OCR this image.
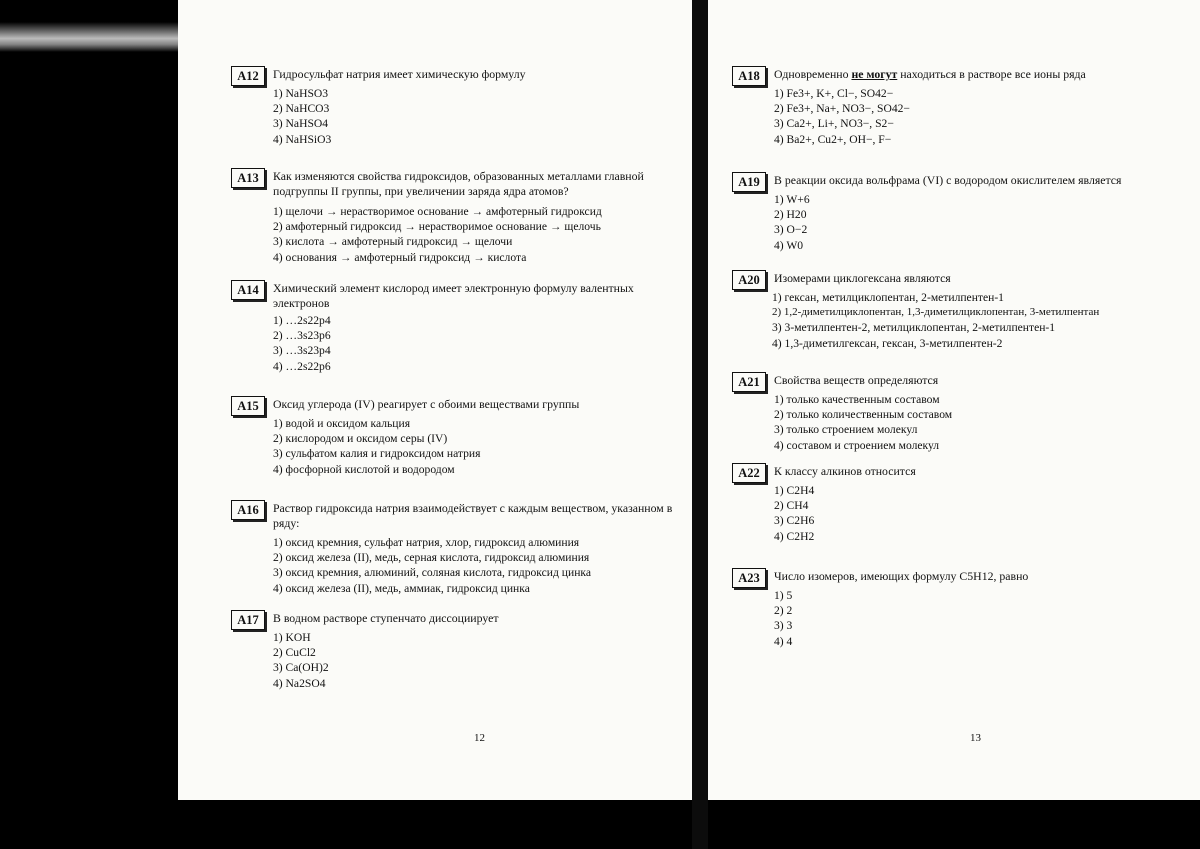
A12	Гидросульфат натрия имеет химическую формулу
1) NaHSO3
2) NaHCO3
3) NaHSO4
4) NaHSiO3
A13	Как изменяются свойства гидроксидов, образованных металлами главной подгруппы II группы, при увеличении заряда ядра атомов?
1) щелочи → нерастворимое основание → амфотерный гидроксид
2) амфотерный гидроксид → нерастворимое основание → щелочь
3) кислота → амфотерный гидроксид → щелочи
4) основания → амфотерный гидроксид → кислота
A14	Химический элемент кислород имеет электронную формулу валентных электронов
1) …2s22p4
2) …3s23p6
3) …3s23p4
4) …2s22p6
A15	Оксид углерода (IV) реагирует с обоими веществами группы
1) водой и оксидом кальция
2) кислородом и оксидом серы (IV)
3) сульфатом калия и гидроксидом натрия
4) фосфорной кислотой и водородом
A16	Раствор гидроксида натрия взаимодействует с каждым веществом, указанном в ряду:
1) оксид кремния, сульфат натрия, хлор, гидроксид алюминия
2) оксид железа (II), медь, серная кислота, гидроксид алюминия
3) оксид кремния, алюминий, соляная кислота, гидроксид цинка
4) оксид железа (II), медь, аммиак, гидроксид цинка
A17	В водном растворе ступенчато диссоциирует
1) KOH
2) CuCl2
3) Ca(OH)2
4) Na2SO4
12
A18	Одновременно не могут находиться в растворе все ионы ряда
1) Fe3+, K+, Cl−, SO42−
2) Fe3+, Na+, NO3−, SO42−
3) Ca2+, Li+, NO3−, S2−
4) Ba2+, Cu2+, OH−, F−
A19	В реакции оксида вольфрама (VI) с водородом окислителем является
1) W+6
2) H20
3) O−2
4) W0
A20	Изомерами циклогексана являются
1) гексан, метилциклопентан, 2-метилпентен-1
2) 1,2-диметилциклопентан, 1,3-диметилциклопентан, 3-метилпентан
3) 3-метилпентен-2, метилциклопентан, 2-метилпентен-1
4) 1,3-диметилгексан, гексан, 3-метилпентен-2
A21	Свойства веществ определяются
1) только качественным составом
2) только количественным составом
3) только строением молекул
4) составом и строением молекул
A22	К классу алкинов относится
1) C2H4
2) CH4
3) C2H6
4) C2H2
A23	Число изомеров, имеющих формулу C5H12, равно
1) 5
2) 2
3) 3
4) 4
13
